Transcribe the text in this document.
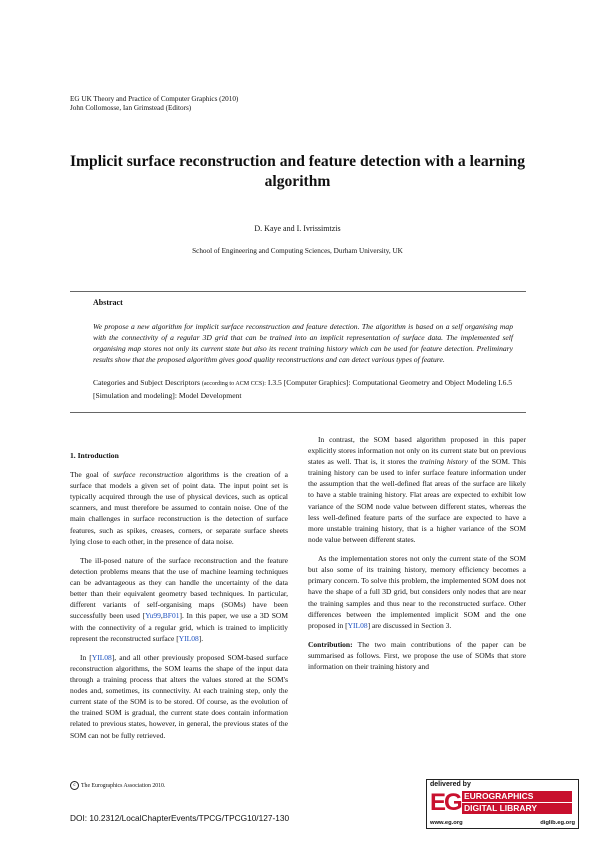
EG UK Theory and Practice of Computer Graphics (2010)
John Collomosse, Ian Grimstead (Editors)
Implicit surface reconstruction and feature detection with a learning algorithm
D. Kaye and I. Ivrissimtzis
School of Engineering and Computing Sciences, Durham University, UK
Abstract
We propose a new algorithm for implicit surface reconstruction and feature detection. The algorithm is based on a self organising map with the connectivity of a regular 3D grid that can be trained into an implicit representation of surface data. The implemented self organising map stores not only its current state but also its recent training history which can be used for feature detection. Preliminary results show that the proposed algorithm gives good quality reconstructions and can detect various types of feature.
Categories and Subject Descriptors (according to ACM CCS): I.3.5 [Computer Graphics]: Computational Geometry and Object Modeling I.6.5 [Simulation and modeling]: Model Development
1. Introduction

The goal of surface reconstruction algorithms is the creation of a surface that models a given set of point data. The input point set is typically acquired through the use of physical devices, such as optical scanners, and must therefore be assumed to contain noise. One of the main challenges in surface reconstruction is the detection of surface features, such as spikes, creases, corners, or separate surface sheets lying close to each other, in the presence of data noise.

The ill-posed nature of the surface reconstruction and the feature detection problems means that the use of machine learning techniques can be advantageous as they can handle the uncertainty of the data better than their equivalent geometry based techniques. In particular, different variants of self-organising maps (SOMs) have been successfully been used [Yu99,BF01]. In this paper, we use a 3D SOM with the connectivity of a regular grid, which is trained to implicitly represent the reconstructed surface [YIL08].

In [YIL08], and all other previously proposed SOM-based surface reconstruction algorithms, the SOM learns the shape of the input data through a training process that alters the values stored at the SOM's nodes and, sometimes, its connectivity. At each training step, only the current state of the SOM is to be stored. Of course, as the evolution of the trained SOM is gradual, the current state does contain information related to previous states, however, in general, the previous states of the SOM can not be fully retrieved.

In contrast, the SOM based algorithm proposed in this paper explicitly stores information not only on its current state but on previous states as well. That is, it stores the training history of the SOM. This training history can be used to infer surface feature information under the assumption that the well-defined flat areas of the surface are likely to have a stable training history. Flat areas are expected to exhibit low variance of the SOM node value between different states, whereas the less well-defined feature parts of the surface are expected to have a more unstable training history, that is a higher variance of the SOM node value between different states.

As the implementation stores not only the current state of the SOM but also some of its training history, memory efficiency becomes a primary concern. To solve this problem, the implemented SOM does not have the shape of a full 3D grid, but considers only nodes that are near the training samples and thus near to the reconstructed surface. Other differences between the implemented implicit SOM and the one proposed in [YIL08] are discussed in Section 3.

Contribution: The two main contributions of the paper can be summarised as follows. First, we propose the use of SOMs that store information on their training history and

c The Eurographics Association 2010.
DOI: 10.2312/LocalChapterEvents/TPCG/TPCG10/127-130
delivered by
EG EUROGRAPHICS
DIGITAL LIBRARY
www.eg.org	diglib.eg.org
